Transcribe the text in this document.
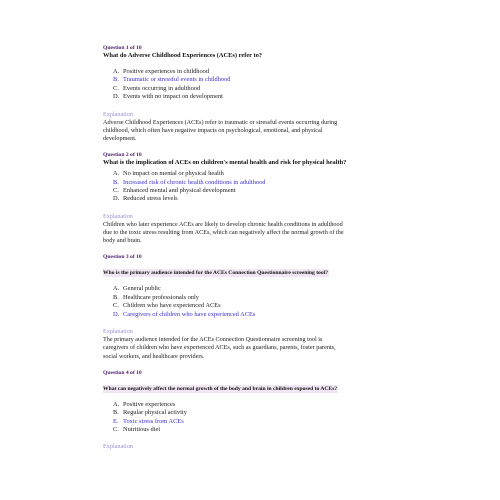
Question 1 of 10
What do Adverse Childhood Experiences (ACEs) refer to?
A. Positive experiences in childhood
B. Traumatic or stressful events in childhood
C. Events occurring in adulthood
D. Events with no impact on development
Explanation
Adverse Childhood Experiences (ACEs) refer to traumatic or stressful events occurring during
childhood, which often have negative impacts on psychological, emotional, and physical
development.
Question 2 of 10
What is the implication of ACEs on children's mental health and risk for physical health?
A. No impact on mental or physical health
B. Increased risk of chronic health conditions in adulthood
C. Enhanced mental and physical development
D. Reduced stress levels
Explanation
Children who later experience ACEs are likely to develop chronic health conditions in adulthood
due to the toxic stress resulting from ACEs, which can negatively affect the normal growth of the
body and brain.
Question 3 of 10
Who is the primary audience intended for the ACEs Connection Questionnaire screening tool?
A. General public
B. Healthcare professionals only
C. Children who have experienced ACEs
D. Caregivers of children who have experienced ACEs
Explanation
The primary audience intended for the ACEs Connection Questionnaire screening tool is
caregivers of children who have experienced ACEs, such as guardians, parents, foster parents,
social workers, and healthcare providers.
Question 4 of 10
What can negatively affect the normal growth of the body and brain in children exposed to ACEs?
A. Positive experiences
B. Regular physical activity
E. Toxic stress from ACEs
C. Nutritious diet
Explanation
